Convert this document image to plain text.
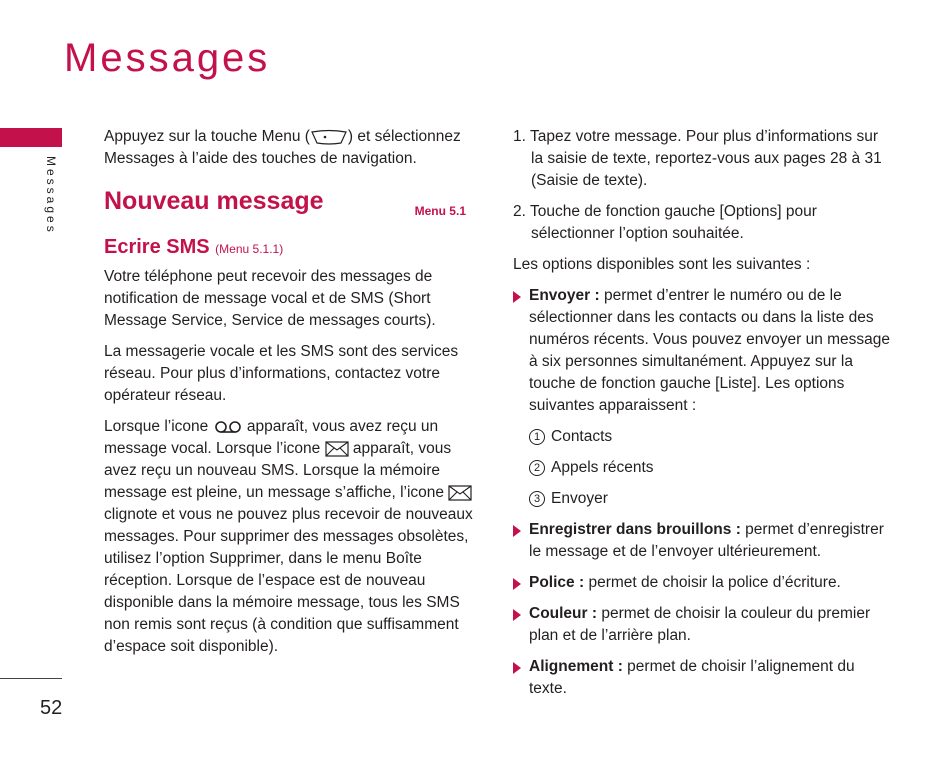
Messages
Messages
52

Appuyez sur la touche Menu ( ) et sélectionnez Messages à l’aide des touches de navigation.

Nouveau message	Menu 5.1
Ecrire SMS (Menu 5.1.1)

Votre téléphone peut recevoir des messages de notification de message vocal et de SMS (Short Message Service, Service de messages courts).

La messagerie vocale et les SMS sont des services réseau. Pour plus d’informations, contactez votre opérateur réseau.

Lorsque l’icone  apparaît, vous avez reçu un message vocal. Lorsque l’icone  apparaît, vous avez reçu un nouveau SMS. Lorsque la mémoire message est pleine, un message s’affiche, l’icone  clignote et vous ne pouvez plus recevoir de nouveaux messages. Pour supprimer des messages obsolètes, utilisez l’option Supprimer, dans le menu Boîte réception. Lorsque de l’espace est de nouveau disponible dans la mémoire message, tous les SMS non remis sont reçus (à condition que suffisamment d’espace soit disponible).

1. Tapez votre message. Pour plus d’informations sur la saisie de texte, reportez-vous aux pages 28 à 31 (Saisie de texte).
2. Touche de fonction gauche [Options] pour sélectionner l’option souhaitée.

Les options disponibles sont les suivantes :

Envoyer : permet d’entrer le numéro ou de le sélectionner dans les contacts ou dans la liste des numéros récents. Vous pouvez envoyer un message à six personnes simultanément. Appuyez sur la touche de fonction gauche [Liste]. Les options suivantes apparaissent :
1 Contacts
2 Appels récents
3 Envoyer
Enregistrer dans brouillons : permet d’enregistrer le message et de l’envoyer ultérieurement.
Police : permet de choisir la police d’écriture.
Couleur : permet de choisir la couleur du premier plan et de l’arrière plan.
Alignement : permet de choisir l’alignement du texte.
